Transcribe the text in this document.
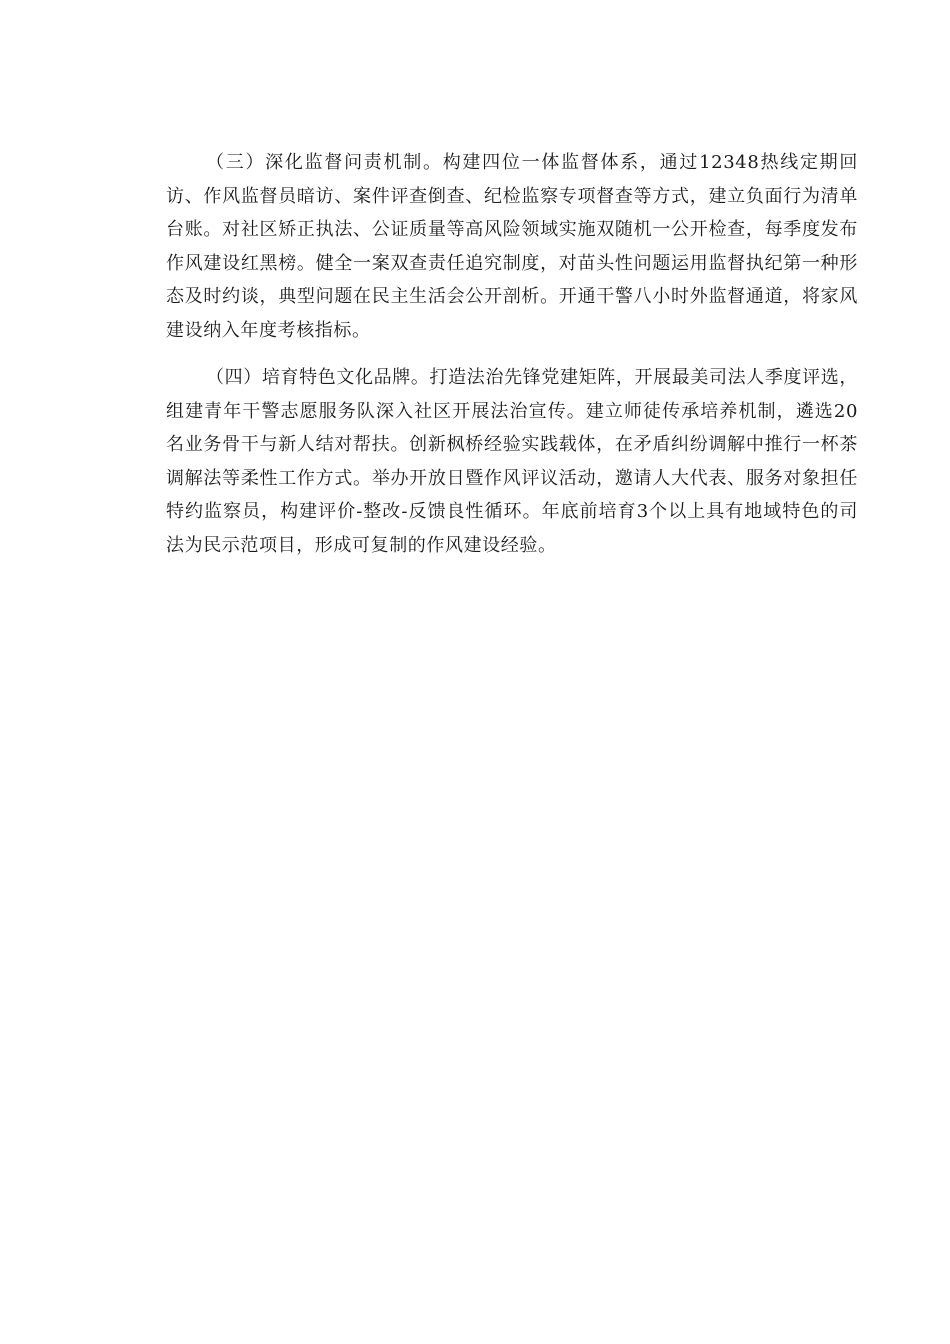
（三）深化监督问责机制。构建四位一体监督体系，通过12348热线定期回访、作风监督员暗访、案件评查倒查、纪检监察专项督查等方式，建立负面行为清单台账。对社区矫正执法、公证质量等高风险领域实施双随机一公开检查，每季度发布作风建设红黑榜。健全一案双查责任追究制度，对苗头性问题运用监督执纪第一种形态及时约谈，典型问题在民主生活会公开剖析。开通干警八小时外监督通道，将家风建设纳入年度考核指标。

（四）培育特色文化品牌。打造法治先锋党建矩阵，开展最美司法人季度评选，组建青年干警志愿服务队深入社区开展法治宣传。建立师徒传承培养机制，遴选20名业务骨干与新人结对帮扶。创新枫桥经验实践载体，在矛盾纠纷调解中推行一杯茶调解法等柔性工作方式。举办开放日暨作风评议活动，邀请人大代表、服务对象担任特约监察员，构建评价-整改-反馈良性循环。年底前培育3个以上具有地域特色的司法为民示范项目，形成可复制的作风建设经验。
